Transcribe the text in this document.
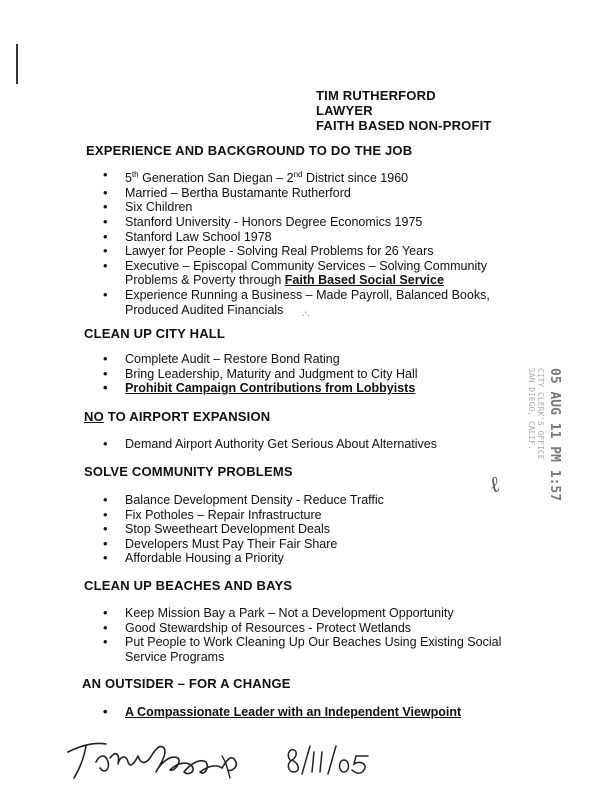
TIM RUTHERFORD
LAWYER
FAITH BASED NON-PROFIT
EXPERIENCE AND BACKGROUND TO DO THE JOB
• 5th Generation San Diegan – 2nd District since 1960
• Married – Bertha Bustamante Rutherford
• Six Children
• Stanford University - Honors Degree Economics 1975
• Stanford Law School 1978
• Lawyer for People - Solving Real Problems for 26 Years
• Executive – Episcopal Community Services – Solving Community
Problems & Poverty through Faith Based Social Service
• Experience Running a Business – Made Payroll, Balanced Books,
Produced Audited Financials	·'·
CLEAN UP CITY HALL
• Complete Audit – Restore Bond Rating
• Bring Leadership, Maturity and Judgment to City Hall
• Prohibit Campaign Contributions from Lobbyists
NO TO AIRPORT EXPANSION
• Demand Airport Authority Get Serious About Alternatives
SOLVE COMMUNITY PROBLEMS
• Balance Development Density - Reduce Traffic
• Fix Potholes – Repair Infrastructure
• Stop Sweetheart Development Deals
• Developers Must Pay Their Fair Share
• Affordable Housing a Priority
CLEAN UP BEACHES AND BAYS
• Keep Mission Bay a Park – Not a Development Opportunity
• Good Stewardship of Resources - Protect Wetlands
• Put People to Work Cleaning Up Our Beaches Using Existing Social
Service Programs
AN OUTSIDER – FOR A CHANGE
• A Compassionate Leader with an Independent Viewpoint
05 AUG 11 PM 1:57
CITY CLERK'S OFFICE
SAN DIEGO, CALIF.
ℓ
